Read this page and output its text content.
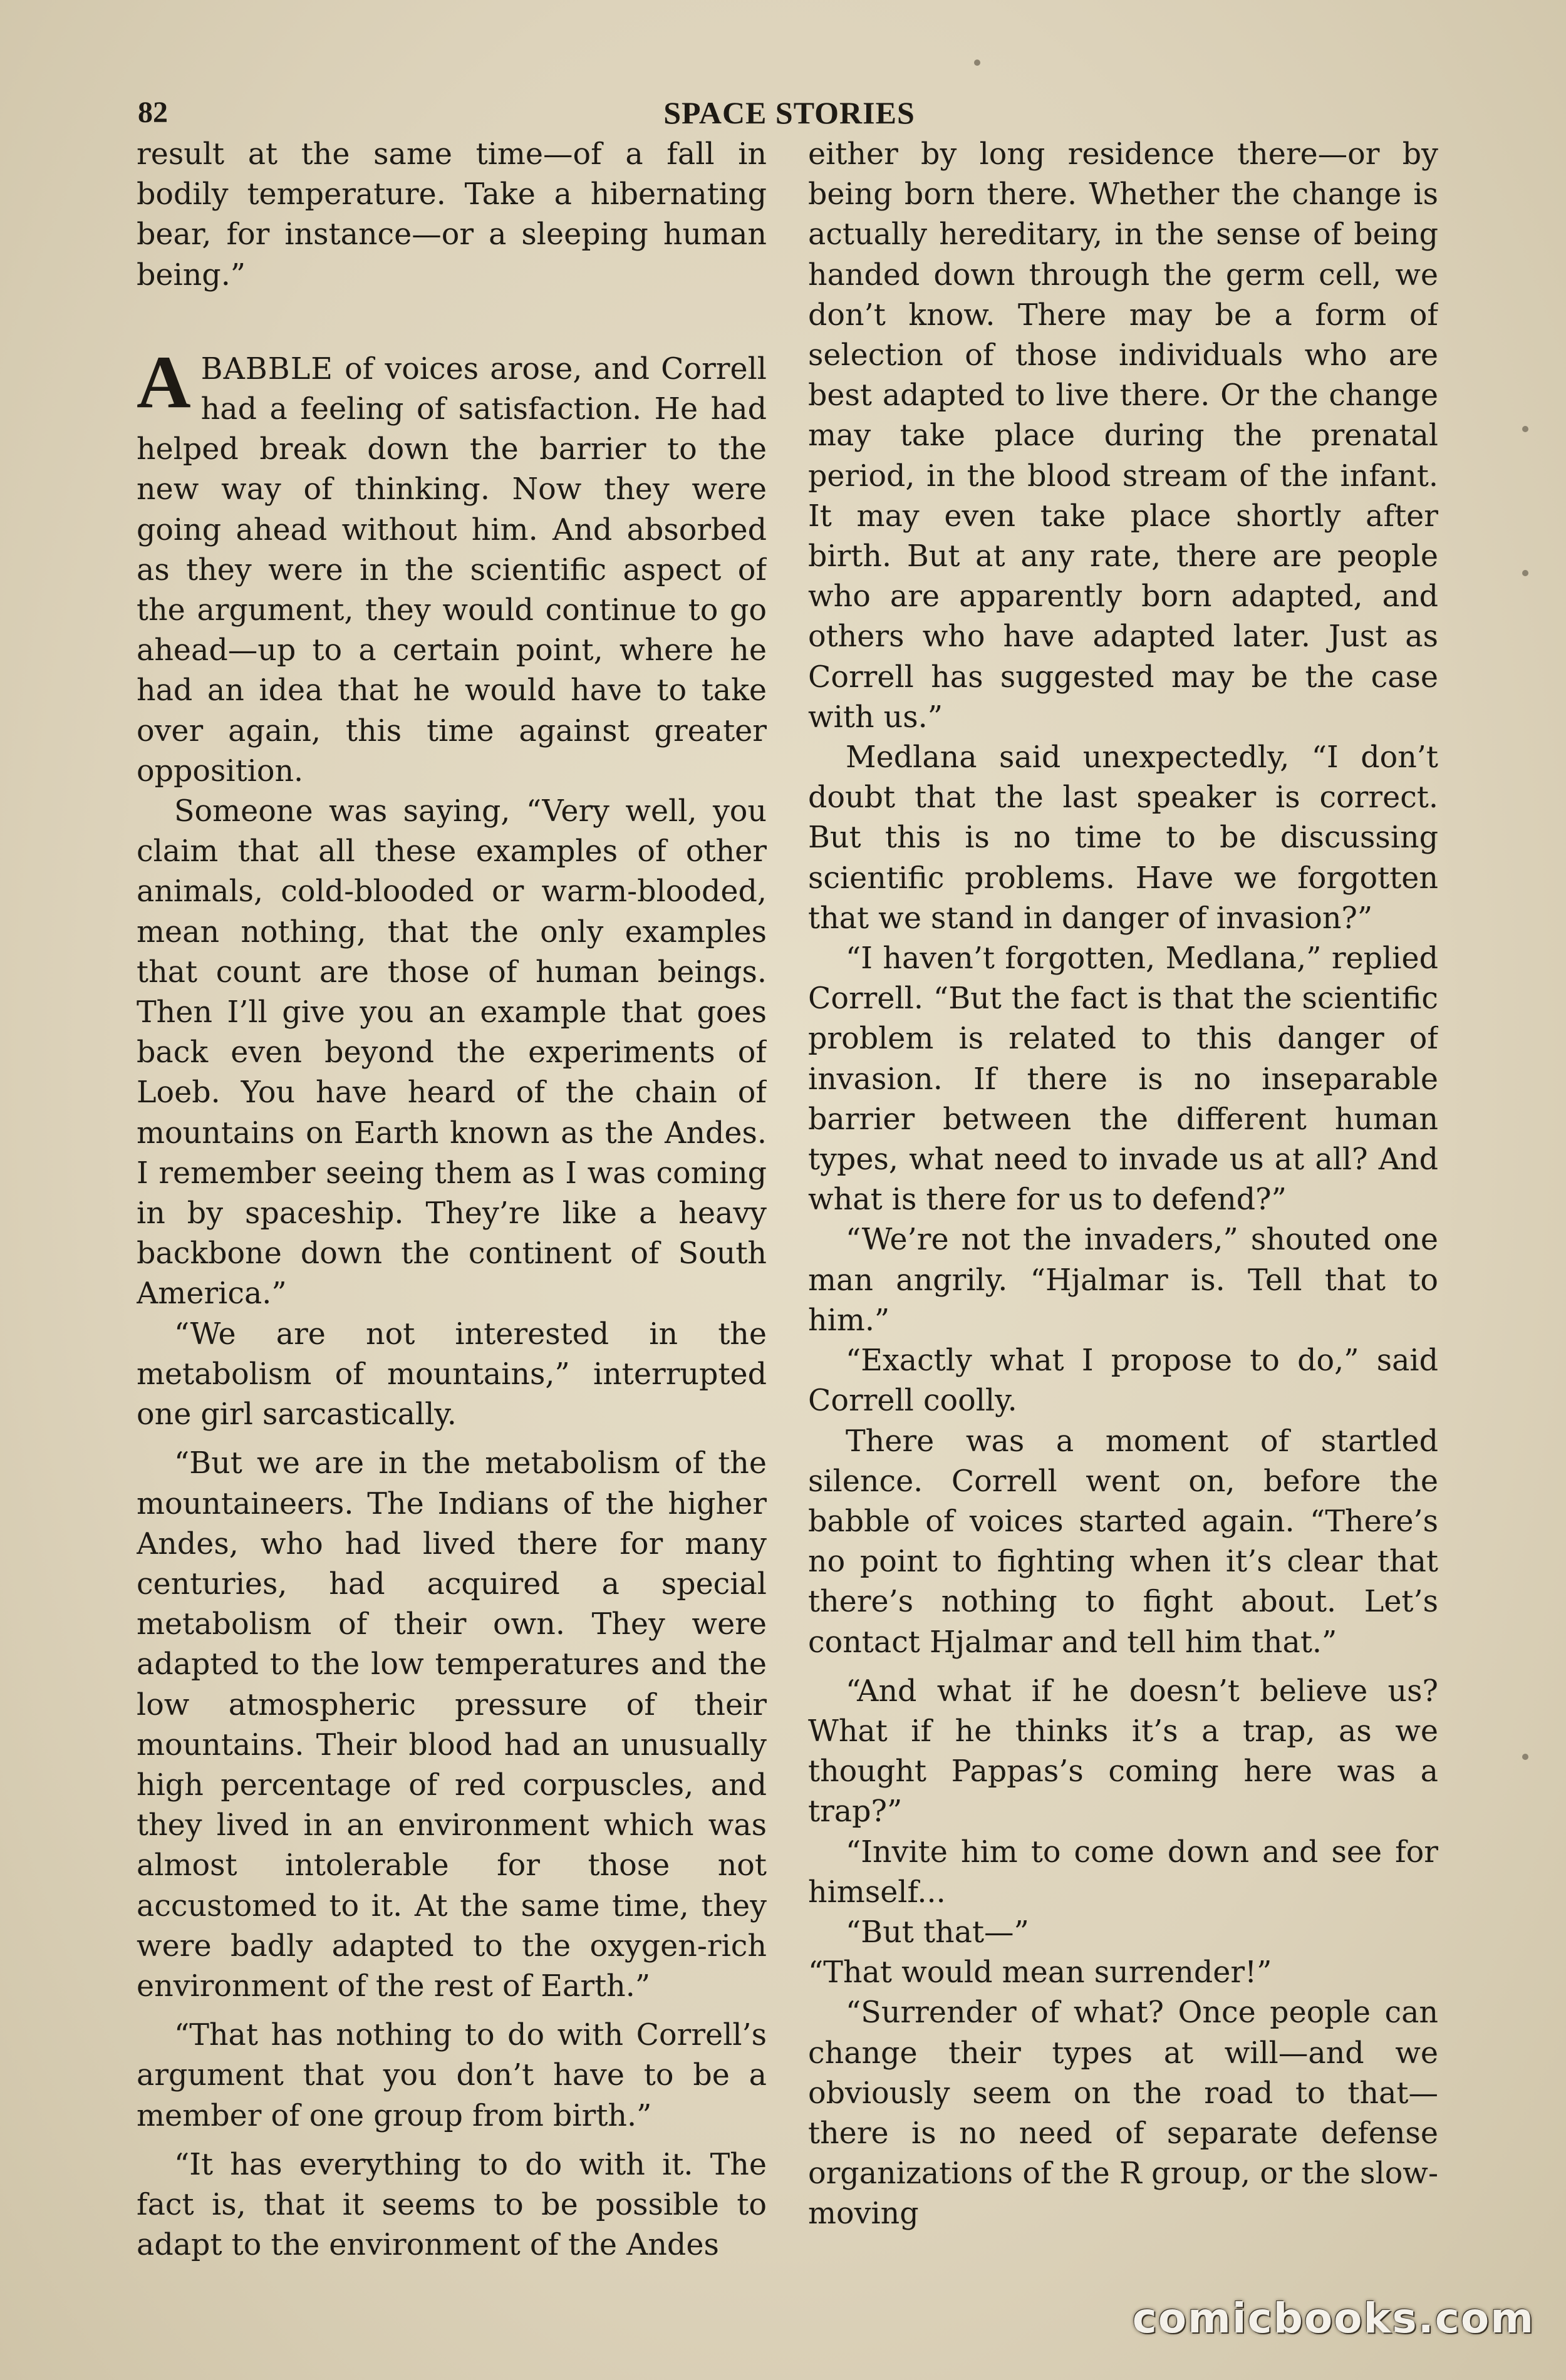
82	SPACE STORIES

result at the same time—of a fall in bodily temperature. Take a hibernating bear, for instance—or a sleeping human being.”

ABABBLE of voices arose, and Correll had a feeling of satisfaction. He had helped break down the barrier to the new way of thinking. Now they were going ahead without him. And absorbed as they were in the scientific aspect of the argument, they would continue to go ahead—up to a certain point, where he had an idea that he would have to take over again, this time against greater opposition.

Someone was saying, “Very well, you claim that all these examples of other animals, cold-blooded or warm-blooded, mean nothing, that the only examples that count are those of human beings. Then I’ll give you an example that goes back even beyond the experiments of Loeb. You have heard of the chain of mountains on Earth known as the Andes. I remember seeing them as I was coming in by spaceship. They’re like a heavy backbone down the continent of South America.”

“We are not interested in the metabolism of mountains,” interrupted one girl sarcastically.

“But we are in the metabolism of the mountaineers. The Indians of the higher Andes, who had lived there for many centuries, had acquired a special metabolism of their own. They were adapted to the low temperatures and the low atmospheric pressure of their mountains. Their blood had an unusually high percentage of red corpuscles, and they lived in an environment which was almost intolerable for those not accustomed to it. At the same time, they were badly adapted to the oxygen-rich environment of the rest of Earth.”

“That has nothing to do with Correll’s argument that you don’t have to be a member of one group from birth.”

“It has everything to do with it. The fact is, that it seems to be possible to adapt to the environment of the Andes

either by long residence there—or by being born there. Whether the change is actually hereditary, in the sense of being handed down through the germ cell, we don’t know. There may be a form of selection of those individuals who are best adapted to live there. Or the change may take place during the prenatal period, in the blood stream of the infant. It may even take place shortly after birth. But at any rate, there are people who are apparently born adapted, and others who have adapted later. Just as Correll has suggested may be the case with us.”

Medlana said unexpectedly, “I don’t doubt that the last speaker is correct. But this is no time to be discussing scientific problems. Have we forgotten that we stand in danger of invasion?”

“I haven’t forgotten, Medlana,” replied Correll. “But the fact is that the scientific problem is related to this danger of invasion. If there is no inseparable barrier between the different human types, what need to invade us at all? And what is there for us to defend?”

“We’re not the invaders,” shouted one man angrily. “Hjalmar is. Tell that to him.”

“Exactly what I propose to do,” said Correll coolly.

There was a moment of startled silence. Correll went on, before the babble of voices started again. “There’s no point to fighting when it’s clear that there’s nothing to fight about. Let’s contact Hjalmar and tell him that.”

“And what if he doesn’t believe us? What if he thinks it’s a trap, as we thought Pappas’s coming here was a trap?”

“Invite him to come down and see for himself...

“But that—”

“That would mean surrender!”

“Surrender of what? Once people can change their types at will—and we obviously seem on the road to that— there is no need of separate defense organizations of the R group, or the slow-moving

comicbooks.com
